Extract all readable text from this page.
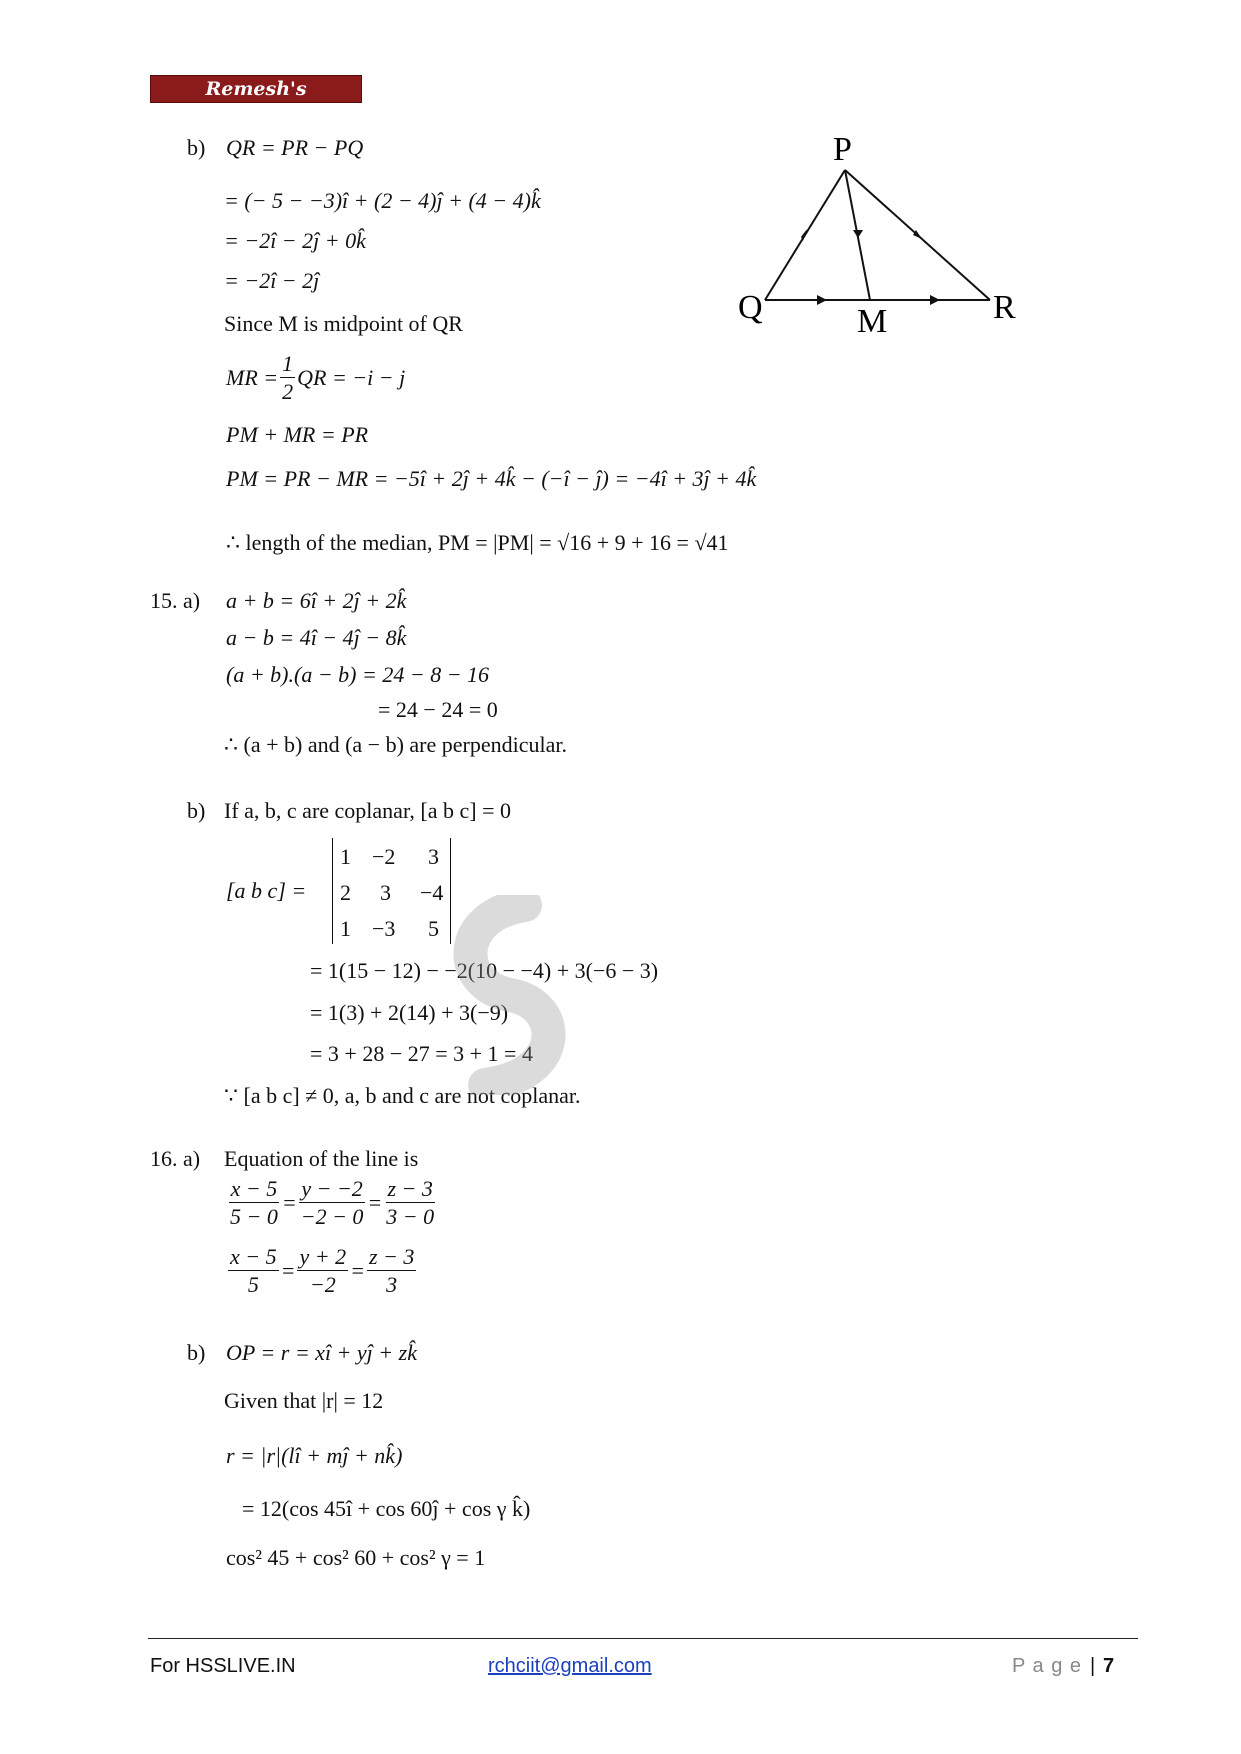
Remesh's Mathematics
b) QR = PR − PQ
= (− 5 − −3)î + (2 − 4)ĵ + (4 − 4)k̂
= −2î − 2ĵ + 0k̂
= −2î − 2ĵ
Since M is midpoint of QR
MR = $\frac{1}{2}$ QR = −i − j
PM + MR = PR
PM = PR − MR = −5î + 2ĵ + 4k̂ − (−î − ĵ) = −4î + 3ĵ + 4k̂
∴ length of the median, PM = |PM| = √16 + 9 + 16 = √41
P
Q	M	R
15. a) a + b = 6î + 2ĵ + 2k̂
a − b = 4î − 4ĵ − 8k̂
(a + b).(a − b) = 24 − 8 − 16
= 24 − 24 = 0
∴ (a + b) and (a − b) are perpendicular.
b) If a, b, c are coplanar, [a b c] = 0
[a b c] =
1 −2 3
2 3 −4
1 −3 5
= 1(15 − 12) − −2(10 − −4) + 3(−6 − 3)
= 1(3) + 2(14) + 3(−9)
= 3 + 28 − 27 = 3 + 1 = 4
∵ [a b c] ≠ 0, a, b and c are not coplanar.
16. a) Equation of the line is
$\frac{x - 5}{5 - 0} = \frac{y - -2}{-2 - 0} = \frac{z - 3}{3 - 0}$
$\frac{x - 5}{5} = \frac{y + 2}{-2} = \frac{z - 3}{3}$
b) OP = r = xî + yĵ + zk̂
Given that |r| = 12
r = |r|(lî + mĵ + nk̂)
= 12(cos 45î + cos 60ĵ + cos γ k̂)
cos² 45 + cos² 60 + cos² γ = 1
For HSSLIVE.IN	rchciit@gmail.com	P a g e | 7
